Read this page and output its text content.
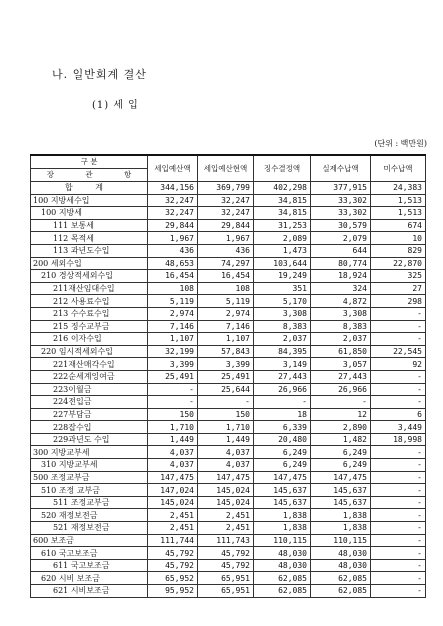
나. 일반회계 결산
(1) 세 입
(단위 : 백만원)
구 분	세입예산액	세입예산현액	징수결정액	실제수납액	미수납액

장 관 항					

합 계	344,156	369,799	402,298	377,915	24,383
100 지방세수입	32,247	32,247	34,815	33,302	1,513
100 지방세	32,247	32,247	34,815	33,302	1,513
111 보통세	29,844	29,844	31,253	30,579	674
112 목적세	1,967	1,967	2,089	2,079	10
113 과년도수입	436	436	1,473	644	829
200 세외수입	48,653	74,297	103,644	80,774	22,870
210 경상적세외수입	16,454	16,454	19,249	18,924	325
211재산임대수입	108	108	351	324	27
212 사용료수입	5,119	5,119	5,170	4,872	298
213 수수료수입	2,974	2,974	3,308	3,308	-
215 징수교부금	7,146	7,146	8,383	8,383	-
216 이자수입	1,107	1,107	2,037	2,037	-
220 임시적세외수입	32,199	57,843	84,395	61,850	22,545
221재산매각수입	3,399	3,399	3,149	3,057	92
222순세계잉여금	25,491	25,491	27,443	27,443	-
223이월금	-	25,644	26,966	26,966	-
224전입금	-	-	-	-	-
227부담금	150	150	18	12	6
228잡수입	1,710	1,710	6,339	2,890	3,449
229과년도 수입	1,449	1,449	20,480	1,482	18,998
300 지방교부세	4,037	4,037	6,249	6,249	-
310 지방교부세	4,037	4,037	6,249	6,249	-
500 조정교부금	147,475	147,475	147,475	147,475	-
510 조정 교부금	147,024	145,024	145,637	145,637	-
511 조정교부금	145,024	145,024	145,637	145,637	-
520 재정보전금	2,451	2,451	1,838	1,838	-
521 재정보전금	2,451	2,451	1,838	1,838	-
600 보조금	111,744	111,743	110,115	110,115	-
610 국고보조금	45,792	45,792	48,030	48,030	-
611 국고보조금	45,792	45,792	48,030	48,030	-
620 시비 보조금	65,952	65,951	62,085	62,085	-
621 시비보조금	95,952	65,951	62,085	62,085	-
